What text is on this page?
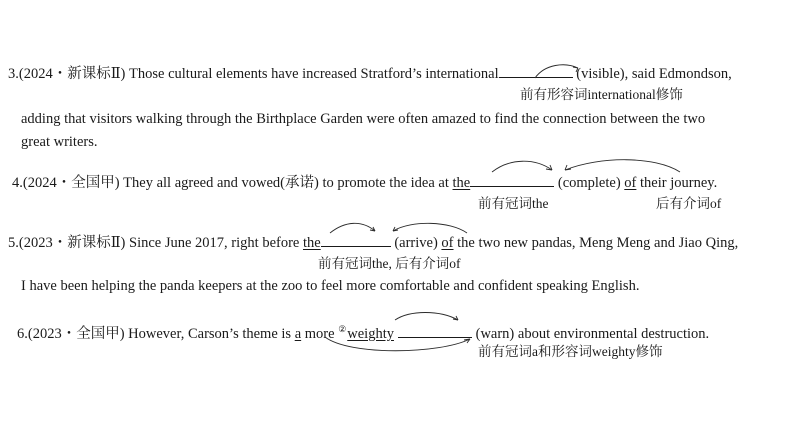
3.(2024・新课标Ⅱ) Those cultural elements have increased Stratford’s international	(visible), said Edmondson,
前有形容词international修饰
adding that visitors walking through the Birthplace Garden were often amazed to find the connection between the two
great writers.
4.(2024・全国甲) They all agreed and vowed(承诺) to promote the idea at the	(complete) of their journey.
前有冠词the	后有介词of
5.(2023・新课标Ⅱ) Since June 2017, right before the	(arrive) of the two new pandas, Meng Meng and Jiao Qing,
前有冠词the, 后有介词of
I have been helping the panda keepers at the zoo to feel more comfortable and confident speaking English.
6.(2023・全国甲) However, Carson’s theme is a more ②weighty	(warn) about environmental destruction.
前有冠词a和形容词weighty修饰
